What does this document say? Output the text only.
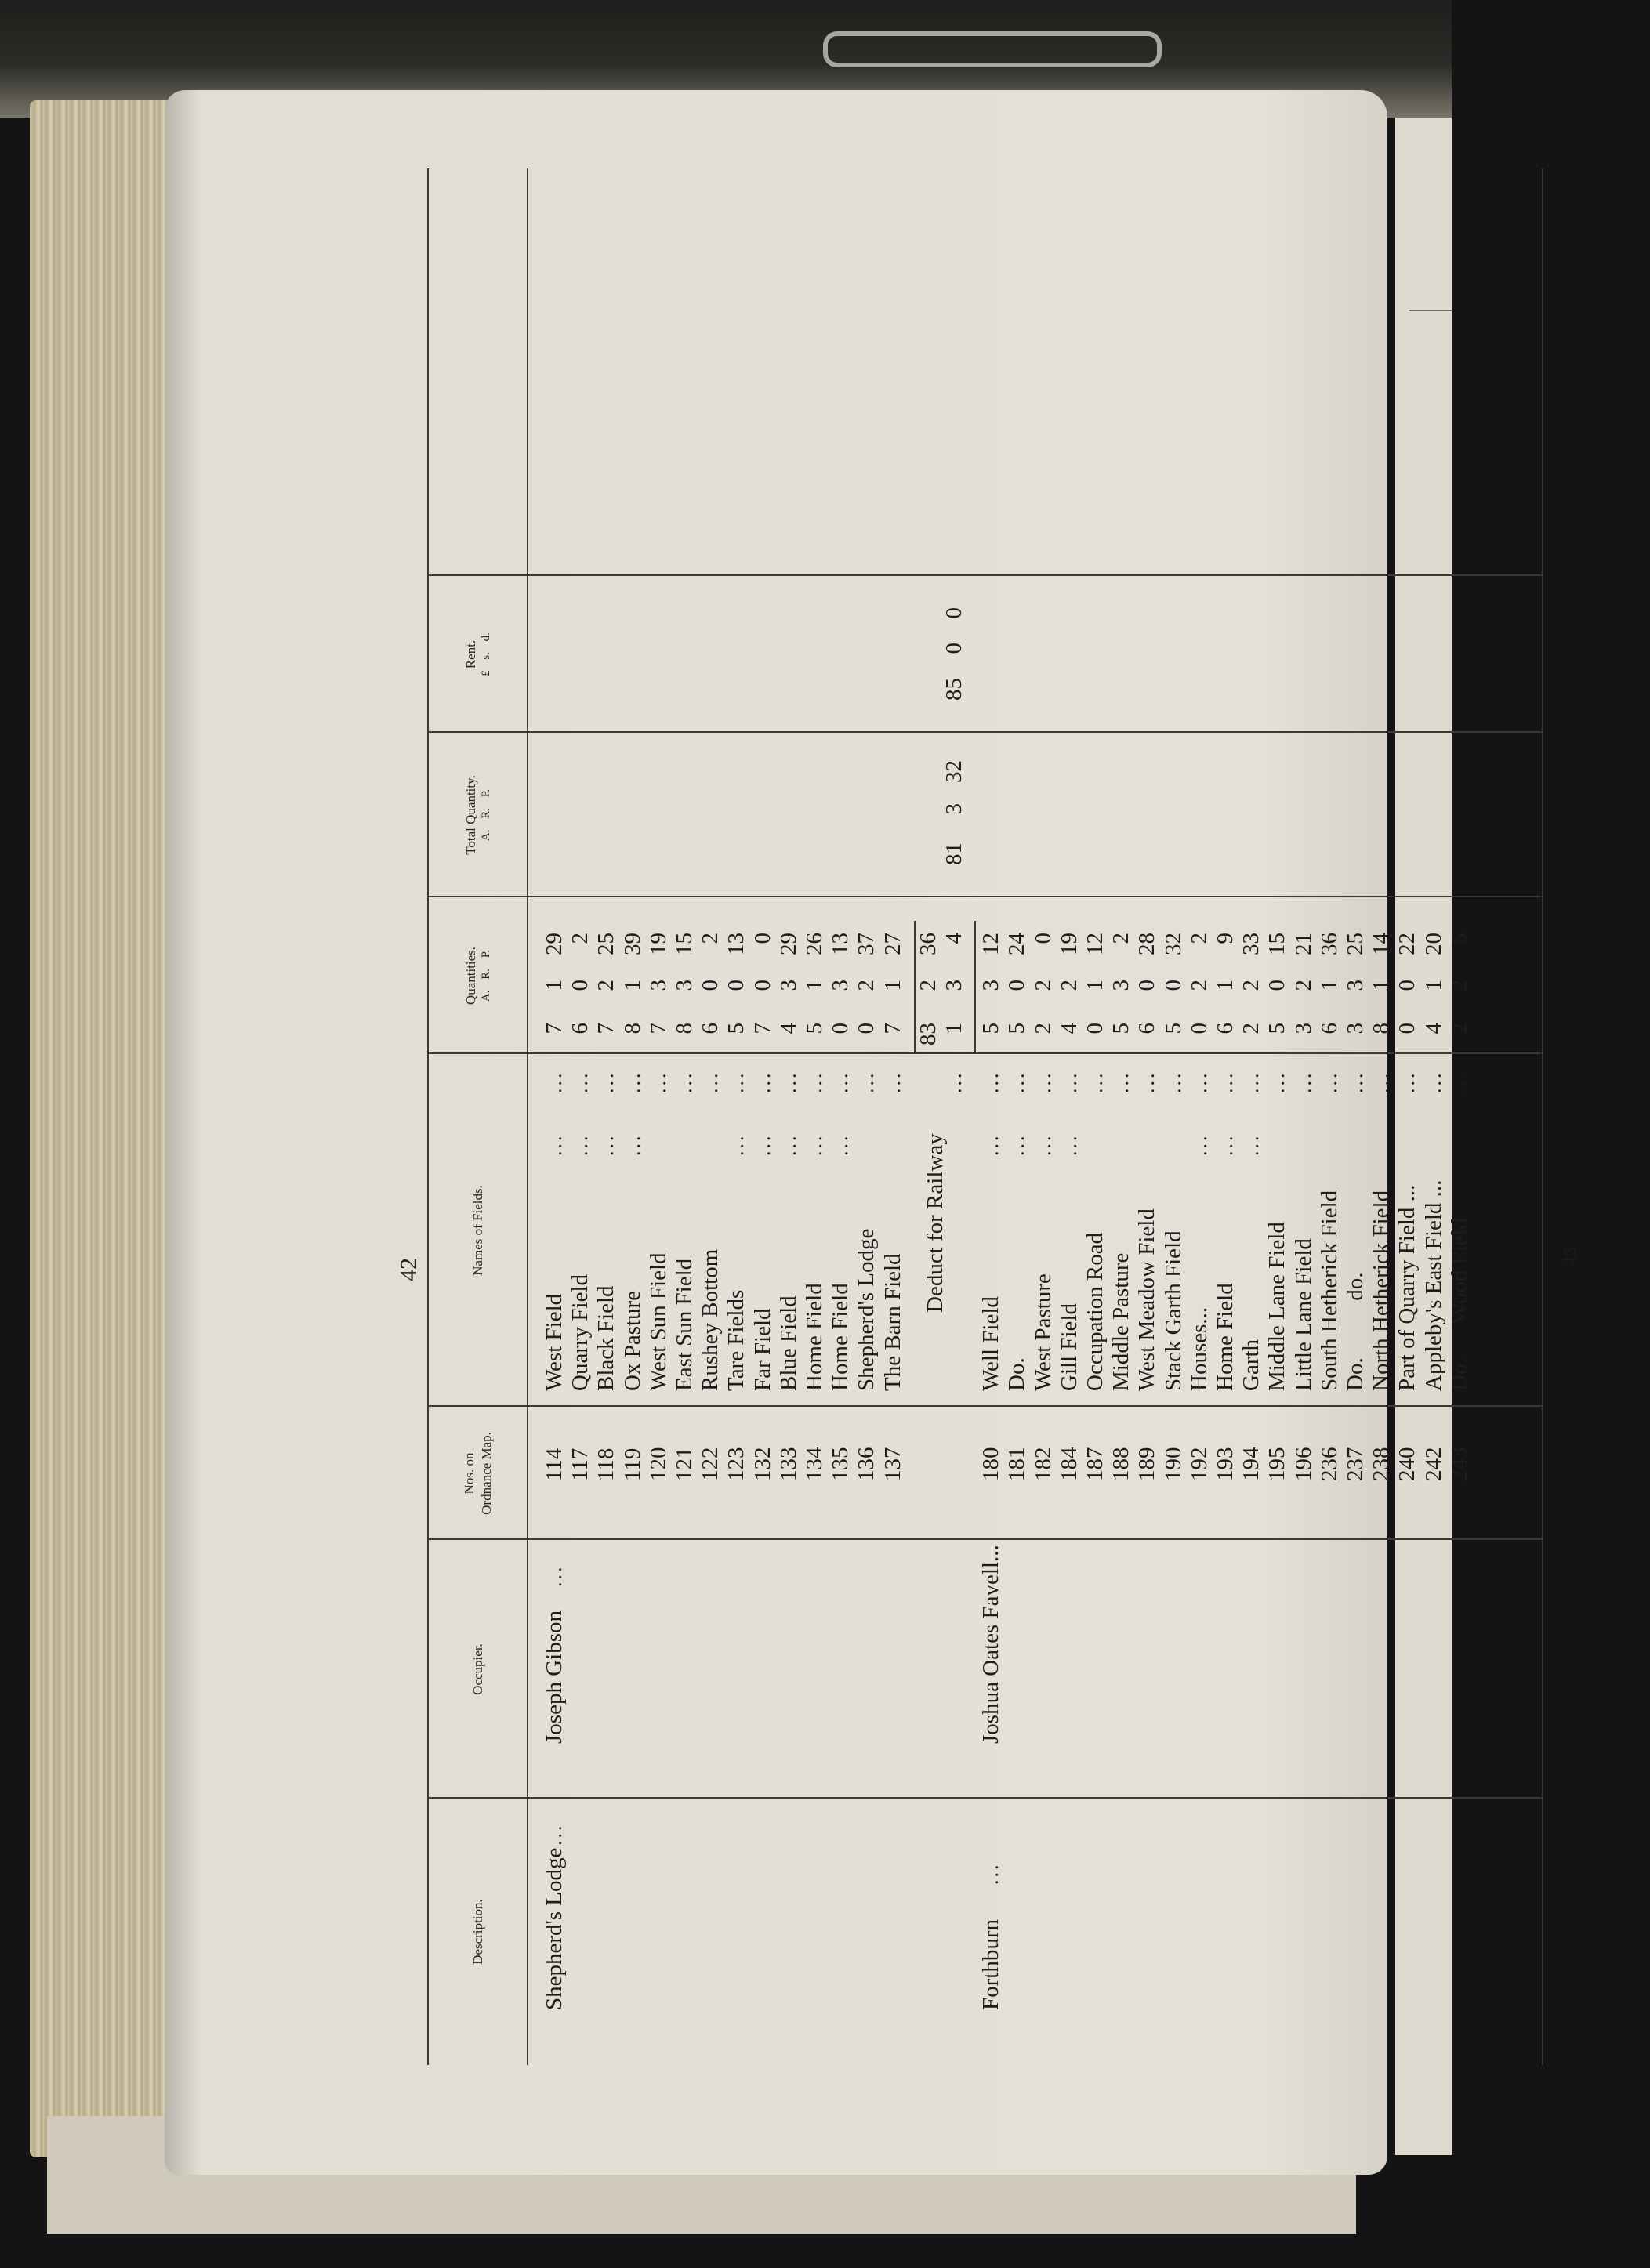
42
43
Description.
Occupier.
Nos. on Ordnance Map.
Names of Fields.
Quantities. A. R. P.
Total Quantity. A. R. P.
Rent. £ s. d.
Shepherd's Lodge
...
Joseph Gibson
...
114
West Field
...
...
7
1
29
117
Quarry Field
...
...
6
0
2
118
Black Field
...
...
7
2
25
119
Ox Pasture
...
...
8
1
39
120
West Sun Field
...
7
3
19
121
East Sun Field
...
8
3
15
122
Rushey Bottom
...
6
0
2
123
Tare Fields
...
...
5
0
13
132
Far Field
...
...
7
0
0
133
Blue Field
...
...
4
3
29
134
Home Field
...
...
5
1
26
135
Home Field
...
...
0
3
13
136
Shepherd's Lodge
...
0
2
37
137
The Barn Field
...
7
1
27
83
2
36
Deduct for Railway
...
1
3
4
81
3
32
85
0
0
Forthburn
...
Joshua Oates Favell...
180
Well Field
...
...
5
3
12
181
Do.
...
...
5
0
24
182
West Pasture
...
...
2
2
0
184
Gill Field
...
...
4
2
19
187
Occupation Road
...
0
1
12
188
Middle Pasture
...
5
3
2
189
West Meadow Field
...
6
0
28
190
Stack Garth Field
...
5
0
32
192
Houses...
...
...
0
2
2
193
Home Field
...
...
6
1
9
194
Garth
...
...
2
2
33
195
Middle Lane Field
...
5
0
15
196
Little Lane Field
...
3
2
21
236
South Hetherick Field
...
6
1
36
237
Do.          do.
...
3
3
25
238
North Hetherick Field
...
8
1
14
240
Part of Quarry Field ...
...
0
0
22
242
Appleby's East Field ...
...
4
1
20
243
Do.      Wood Field
...
2
2
5
